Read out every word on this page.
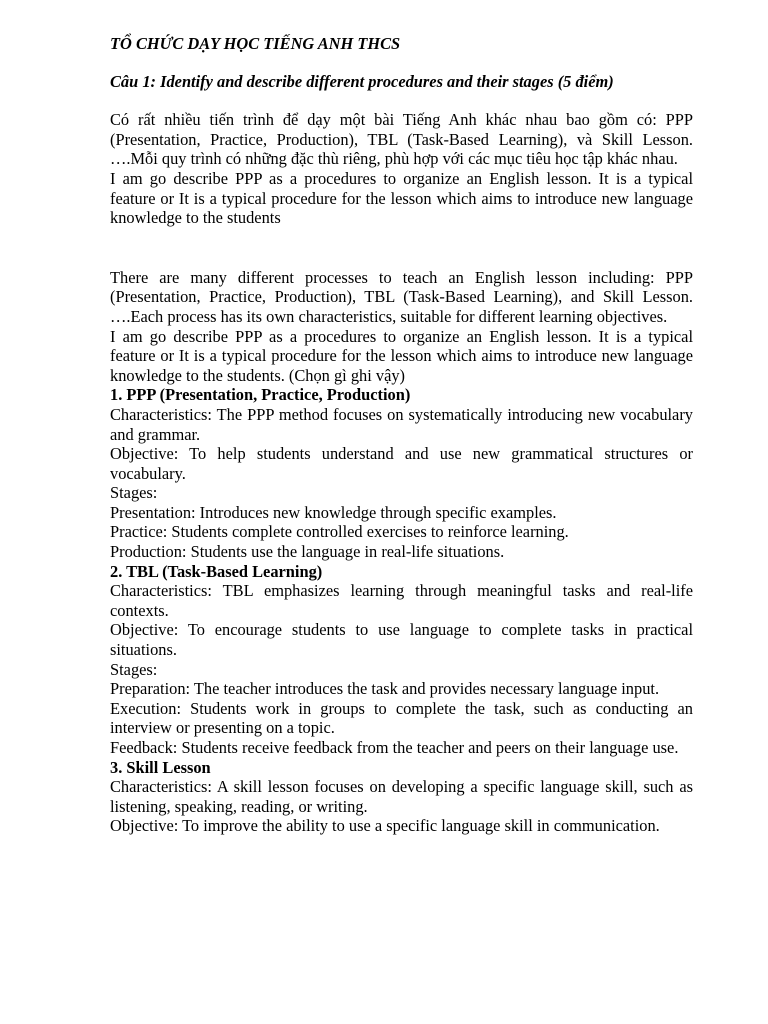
TỔ CHỨC DẠY HỌC TIẾNG ANH THCS

Câu 1: Identify and describe different procedures and their stages (5 điểm)

Có rất nhiều tiến trình để dạy một bài Tiếng Anh khác nhau bao gồm có: PPP (Presentation, Practice, Production), TBL (Task-Based Learning), và Skill Lesson. ….Mỗi quy trình có những đặc thù riêng, phù hợp với các mục tiêu học tập khác nhau.

I am go describe PPP as a procedures to organize an English lesson. It is a typical feature or It is a typical procedure for the lesson which aims to introduce new language knowledge to the students

There are many different processes to teach an English lesson including: PPP (Presentation, Practice, Production), TBL (Task-Based Learning), and Skill Lesson. ….Each process has its own characteristics, suitable for different learning objectives.

I am go describe PPP as a procedures to organize an English lesson. It is a typical feature or It is a typical procedure for the lesson which aims to introduce new language knowledge to the students. (Chọn gì ghi vậy)

1. PPP (Presentation, Practice, Production)

Characteristics: The PPP method focuses on systematically introducing new vocabulary and grammar.

Objective: To help students understand and use new grammatical structures or vocabulary.

Stages:

Presentation: Introduces new knowledge through specific examples.

Practice: Students complete controlled exercises to reinforce learning.

Production: Students use the language in real-life situations.

2. TBL (Task-Based Learning)

Characteristics: TBL emphasizes learning through meaningful tasks and real-life contexts.

Objective: To encourage students to use language to complete tasks in practical situations.

Stages:

Preparation: The teacher introduces the task and provides necessary language input.

Execution: Students work in groups to complete the task, such as conducting an interview or presenting on a topic.

Feedback: Students receive feedback from the teacher and peers on their language use.

3. Skill Lesson

Characteristics: A skill lesson focuses on developing a specific language skill, such as listening, speaking, reading, or writing.

Objective: To improve the ability to use a specific language skill in communication.
